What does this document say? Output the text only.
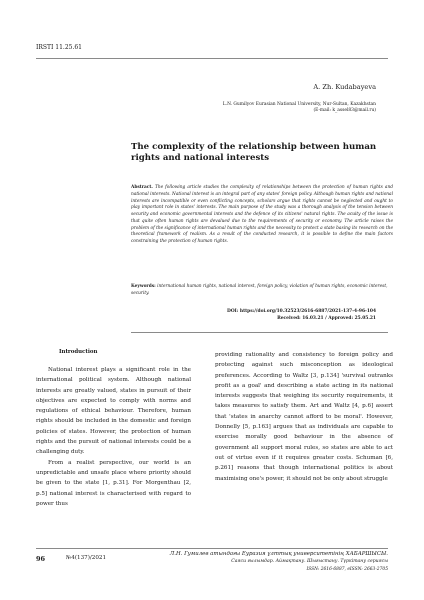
IRSTI 11.25.61
A. Zh. Kudabayeva
L.N. Gumilyov Eurasian National University, Nur-Sultan, Kazakhstan
(E-mail: k_assel83@mail.ru)
The complexity of the relationship between human rights and national interests
Abstract. The following article studies the complexity of relationships between the protection of human rights and national interests. National interest is an integral part of any states' foreign policy. Although human rights and national interests are incompatible or even conflicting concepts, scholars argue that rights cannot be neglected and ought to play important role in states' interests. The main purpose of the study was a thorough analysis of the tension between security and economic governmental interests and the defence of its citizens' natural rights. The acuity of the issue is that quite often human rights are devalued due to the requirements of security or economy. The article raises the problem of the significance of international human rights and the necessity to protect a state basing its research on the theoretical framework of realism. As a result of the conducted research, it is possible to define the main factors constraining the protection of human rights.
Keywords: international human rights, national interest, foreign policy, violation of human rights, economic interest, security.
DOI: https://doi.org/10.32523/2616-6887/2021-137-4-96-104
Received: 16.03.21 / Approved: 25.05.21
Introduction

National interest plays a significant role in the international political system. Although national interests are greatly valued, states in pursuit of their objectives are expected to comply with norms and regulations of ethical behaviour. Therefore, human rights should be included in the domestic and foreign policies of states. However, the protection of human rights and the pursuit of national interests could be a challenging duty.

From a realist perspective, our world is an unpredictable and unsafe place where priority should be given to the state [1, p.31]. For Morgenthau [2, p.5] national interest is characterised with regard to power thus

providing rationality and consistency to foreign policy and protecting against such misconception as ideological preferences. According to Waltz [3, p.134] 'survival outranks profit as a goal' and describing a state acting in its national interests suggests that weighing its security requirements, it takes measures to satisfy them. Art and Waltz [4, p.6] assert that 'states in anarchy cannot afford to be moral'. However, Donnelly [5, p.163] argues that as individuals are capable to exercise morally good behaviour in the absence of government all support moral rules, so states are able to act out of virtue even if it requires greater costs. Schuman [6, p.261] reasons that though international politics is about maximising one's power, it should not be only about struggle

96	№4(137)/2021
Л.Н. Гумилев атындағы Еуразия ұлттық университетінің ХАБАРШЫСЫ.
Саяси ғылымдар. Аймақтану. Шығыстану. Түркітану сериясы
ISSN: 2616-6887, eISSN: 2663-2705
